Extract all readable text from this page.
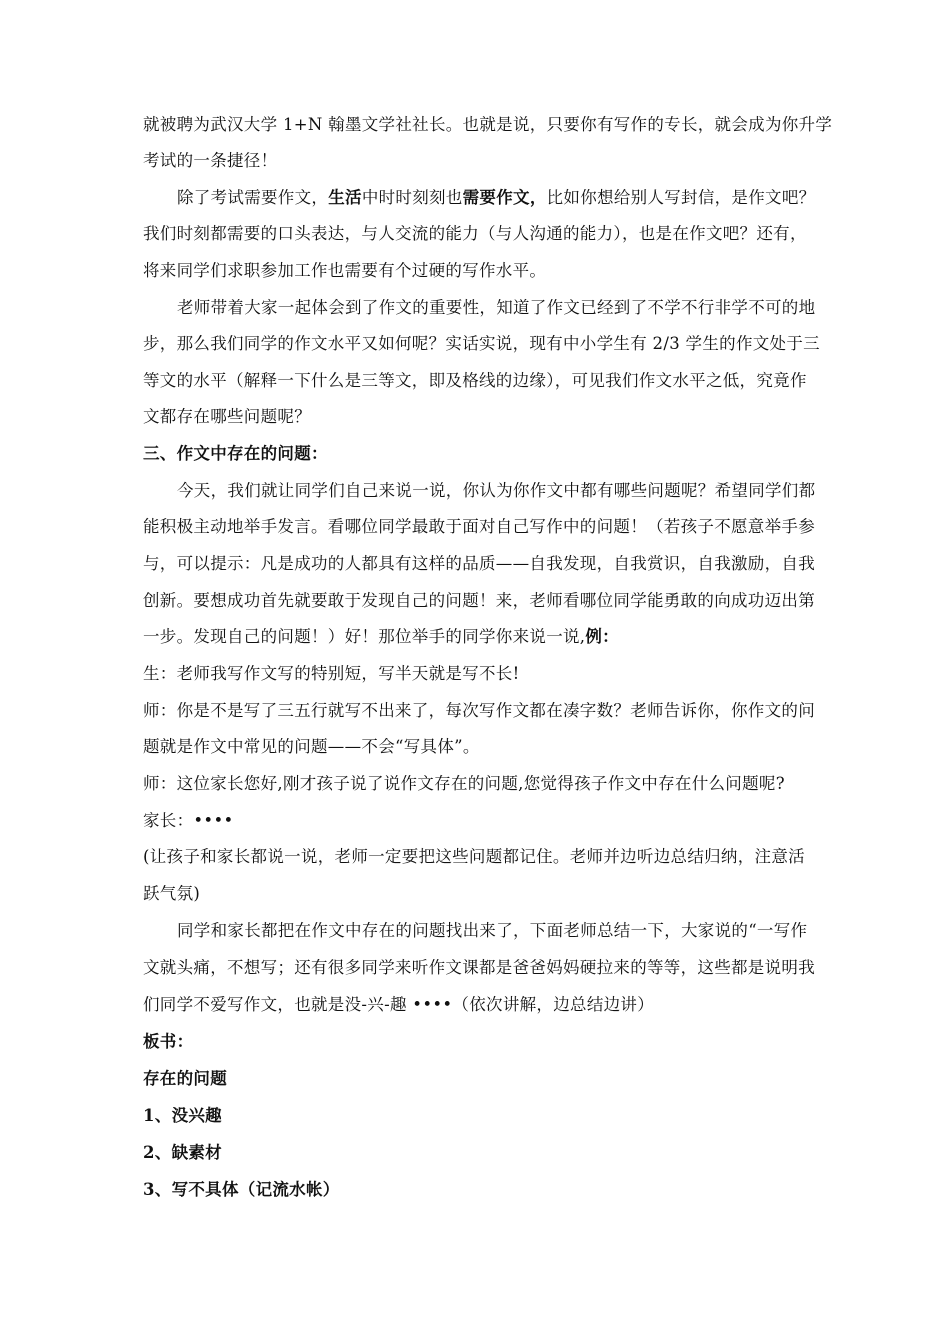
就被聘为武汉大学 1+N 翰墨文学社社长。也就是说，只要你有写作的专长，就会成为你升学
考试的一条捷径！
除了考试需要作文，生活中时时刻刻也需要作文，比如你想给别人写封信，是作文吧？
我们时刻都需要的口头表达，与人交流的能力（与人沟通的能力），也是在作文吧？还有，
将来同学们求职参加工作也需要有个过硬的写作水平。
老师带着大家一起体会到了作文的重要性，知道了作文已经到了不学不行非学不可的地
步，那么我们同学的作文水平又如何呢？实话实说，现有中小学生有 2/3 学生的作文处于三
等文的水平（解释一下什么是三等文，即及格线的边缘），可见我们作文水平之低，究竟作
文都存在哪些问题呢？
三、作文中存在的问题：
今天，我们就让同学们自己来说一说，你认为你作文中都有哪些问题呢？希望同学们都
能积极主动地举手发言。看哪位同学最敢于面对自己写作中的问题！（若孩子不愿意举手参
与，可以提示：凡是成功的人都具有这样的品质——自我发现，自我赏识，自我激励，自我
创新。要想成功首先就要敢于发现自己的问题！来，老师看哪位同学能勇敢的向成功迈出第
一步。发现自己的问题！）好！那位举手的同学你来说一说,例：
生：老师我写作文写的特别短，写半天就是写不长!
师：你是不是写了三五行就写不出来了，每次写作文都在凑字数？老师告诉你，你作文的问
题就是作文中常见的问题——不会“写具体”。
师：这位家长您好,刚才孩子说了说作文存在的问题,您觉得孩子作文中存在什么问题呢?
家长：••••
(让孩子和家长都说一说，老师一定要把这些问题都记住。老师并边听边总结归纳，注意活
跃气氛)
同学和家长都把在作文中存在的问题找出来了，下面老师总结一下，大家说的“一写作
文就头痛，不想写；还有很多同学来听作文课都是爸爸妈妈硬拉来的等等，这些都是说明我
们同学不爱写作文，也就是没-兴-趣 ••••（依次讲解，边总结边讲）
板书：
存在的问题
1、没兴趣
2、缺素材
3、写不具体（记流水帐）
